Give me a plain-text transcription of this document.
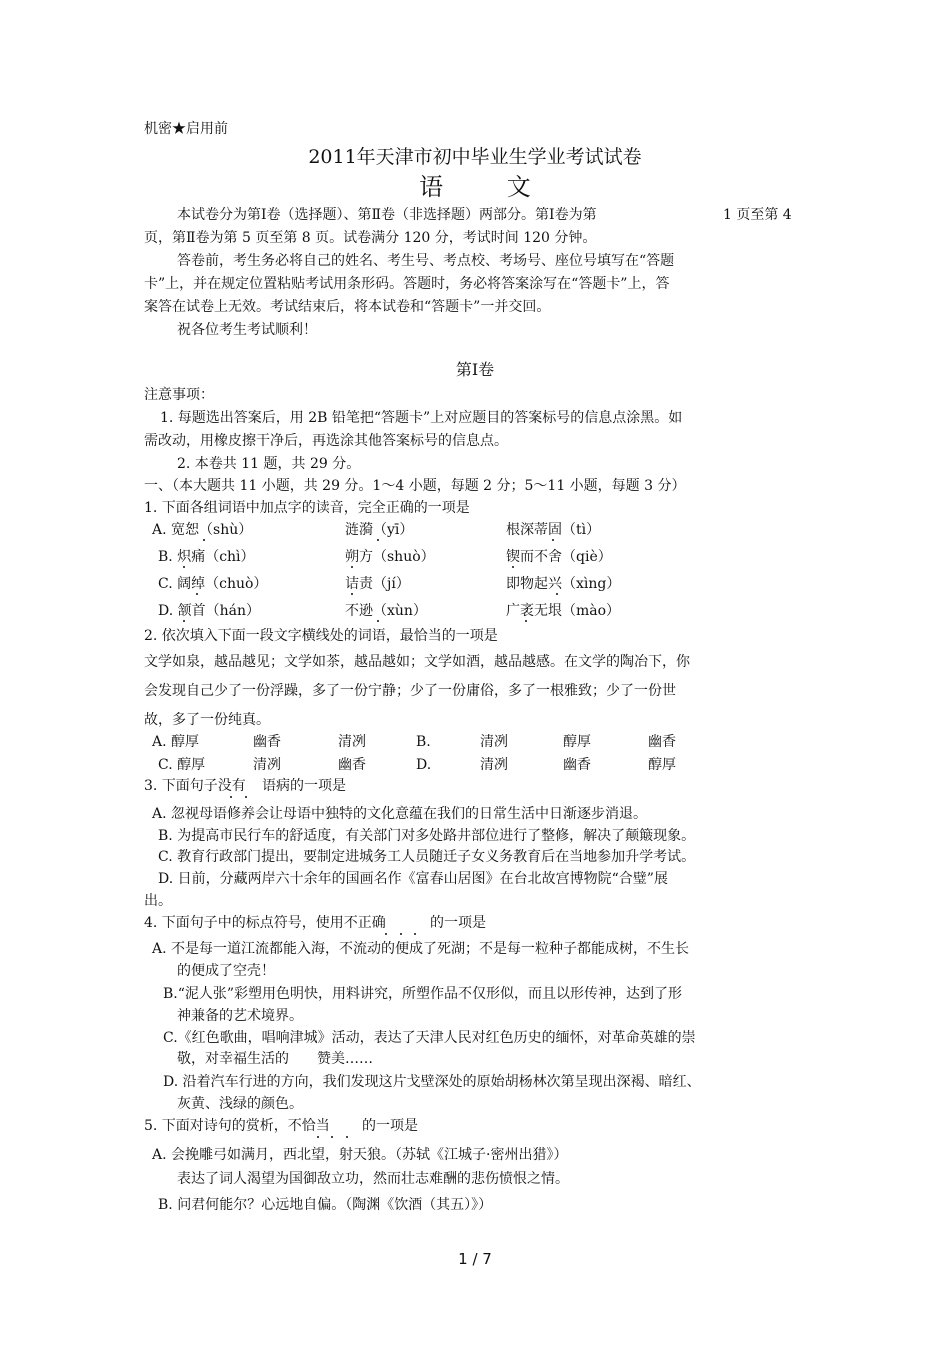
机密★启用前
2011年天津市初中毕业生学业考试试卷
语 文
本试卷分为第Ⅰ卷（选择题）、第Ⅱ卷（非选择题）两部分。第Ⅰ卷为第	1 页至第 4
页，第Ⅱ卷为第 5 页至第 8 页。试卷满分 120 分，考试时间 120 分钟。
答卷前，考生务必将自己的姓名、考生号、考点校、考场号、座位号填写在“答题
卡”上，并在规定位置粘贴考试用条形码。答题时，务必将答案涂写在“答题卡”上，答
案答在试卷上无效。考试结束后，将本试卷和“答题卡”一并交回。
祝各位考生考试顺利！
第Ⅰ卷
注意事项：
1. 每题选出答案后，用 2B 铅笔把“答题卡”上对应题目的答案标号的信息点涂黑。如
需改动，用橡皮擦干净后，再选涂其他答案标号的信息点。
2. 本卷共 11 题，共 29 分。
一、（本大题共 11 小题，共 29 分。1～4 小题，每题 2 分；5～11 小题，每题 3 分）
1. 下面各组词语中加点字的读音，完全正确的一项是
A. 宽恕（shù）	涟漪（yī）	根深蒂固（tì）
B. 炽痛（chì）	朔方（shuò）	锲而不舍（qiè）
C. 阔绰（chuò）	诘责（jí）	即物起兴（xìng）
D. 颔首（hán）	不逊（xùn）	广袤无垠（mào）
2. 依次填入下面一段文字横线处的词语，最恰当的一项是
文学如泉，越品越见；文学如茶，越品越如；文学如酒，越品越感。在文学的陶冶下，你
会发现自己少了一份浮躁，多了一份宁静；少了一份庸俗，多了一根雅致；少了一份世
故，多了一份纯真。
A. 醇厚	幽香	清冽	B.	清冽	醇厚	幽香
C. 醇厚	清冽	幽香	D.	清冽	幽香	醇厚
3. 下面句子没有 语病的一项是
A. 忽视母语修养会让母语中独特的文化意蕴在我们的日常生活中日渐逐步消退。
B. 为提高市民行车的舒适度，有关部门对多处路井部位进行了整修，解决了颠簸现象。
C. 教育行政部门提出，要制定进城务工人员随迁子女义务教育后在当地参加升学考试。
D. 日前，分藏两岸六十余年的国画名作《富春山居图》在台北故宫博物院“合璧”展
出。
4. 下面句子中的标点符号，使用不正确	的一项是
A. 不是每一道江流都能入海，不流动的便成了死湖；不是每一粒种子都能成树，不生长
的便成了空壳！
B.“泥人张”彩塑用色明快，用料讲究，所塑作品不仅形似，而且以形传神，达到了形
神兼备的艺术境界。
C.《红色歌曲，唱响津城》活动，表达了天津人民对红色历史的缅怀，对革命英雄的崇
敬，对幸福生活的 赞美……
D. 沿着汽车行进的方向，我们发现这片戈壁深处的原始胡杨林次第呈现出深褐、暗红、
灰黄、浅绿的颜色。
5. 下面对诗句的赏析，不恰当 的一项是
A. 会挽雕弓如满月，西北望，射天狼。（苏轼《江城子·密州出猎》）
表达了词人渴望为国御敌立功，然而壮志难酬的悲伤愤恨之情。
B. 问君何能尔？心远地自偏。（陶渊《饮酒（其五）》）
1 / 7
